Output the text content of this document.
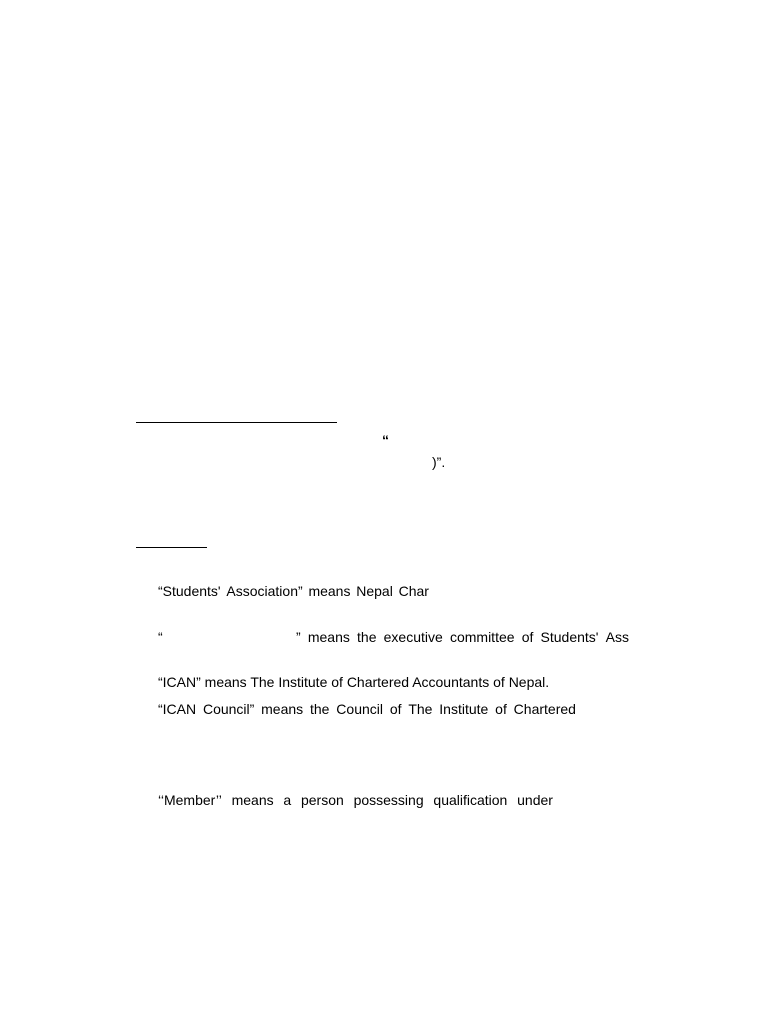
“
)”.
“Students' Association” means Nepal Char
“	” means the executive committee of Students' Ass
“ICAN” means The Institute of Chartered Accountants of Nepal.
“ICAN Council” means the Council of The Institute of Chartered
‘‘Member’’ means a person possessing qualification under
